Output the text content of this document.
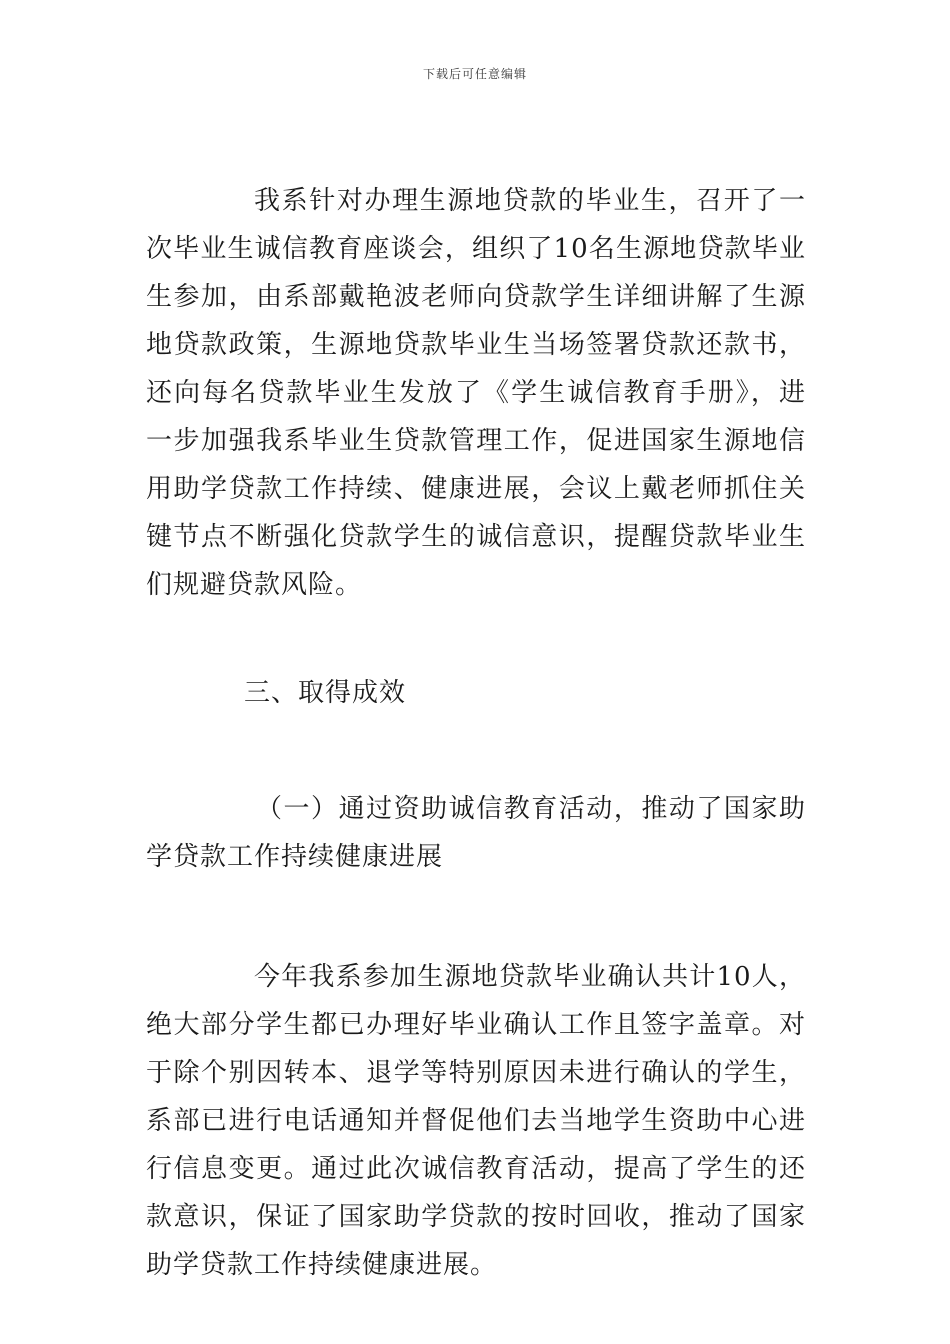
下载后可任意编辑

我系针对办理生源地贷款的毕业生，召开了一次毕业生诚信教育座谈会，组织了10名生源地贷款毕业生参加，由系部戴艳波老师向贷款学生详细讲解了生源地贷款政策，生源地贷款毕业生当场签署贷款还款书，还向每名贷款毕业生发放了《学生诚信教育手册》，进一步加强我系毕业生贷款管理工作，促进国家生源地信用助学贷款工作持续、健康进展，会议上戴老师抓住关键节点不断强化贷款学生的诚信意识，提醒贷款毕业生们规避贷款风险。

三、取得成效

（一）通过资助诚信教育活动，推动了国家助学贷款工作持续健康进展

今年我系参加生源地贷款毕业确认共计10人，绝大部分学生都已办理好毕业确认工作且签字盖章。对于除个别因转本、退学等特别原因未进行确认的学生，系部已进行电话通知并督促他们去当地学生资助中心进行信息变更。通过此次诚信教育活动，提高了学生的还款意识，保证了国家助学贷款的按时回收，推动了国家助学贷款工作持续健康进展。
